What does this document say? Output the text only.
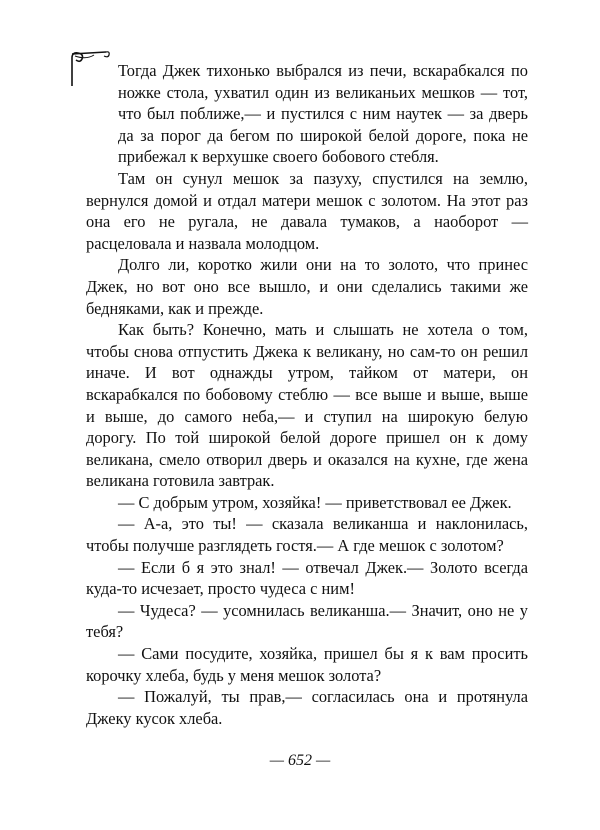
Тогда Джек тихонько выбрался из печи, вскарабкался по ножке стола, ухватил один из великаньих мешков — тот, что был поближе,— и пустился с ним наутек — за дверь да за порог да бегом по широкой белой дороге, пока не прибежал к верхушке своего бобового стебля.

Там он сунул мешок за пазуху, спустился на землю, вернулся домой и отдал матери мешок с золотом. На этот раз она его не ругала, не давала тумаков, а наоборот — расцеловала и назвала молодцом.

Долго ли, коротко жили они на то золото, что принес Джек, но вот оно все вышло, и они сделались такими же бедняками, как и прежде.

Как быть? Конечно, мать и слышать не хотела о том, чтобы снова отпустить Джека к великану, но сам-то он решил иначе. И вот однажды утром, тайком от матери, он вскарабкался по бобовому стеблю — все выше и выше, выше и выше, до самого неба,— и ступил на широкую белую дорогу. По той широкой белой дороге пришел он к дому великана, смело отворил дверь и оказался на кухне, где жена великана готовила завтрак.

— С добрым утром, хозяйка! — приветствовал ее Джек.

— А-а, это ты! — сказала великанша и наклонилась, чтобы получше разглядеть гостя.— А где мешок с золотом?

— Если б я это знал! — отвечал Джек.— Золото всегда куда-то исчезает, просто чудеса с ним!

— Чудеса? — усомнилась великанша.— Значит, оно не у тебя?

— Сами посудите, хозяйка, пришел бы я к вам просить корочку хлеба, будь у меня мешок золота?

— Пожалуй, ты прав,— согласилась она и протянула Джеку кусок хлеба.

— 652 —
